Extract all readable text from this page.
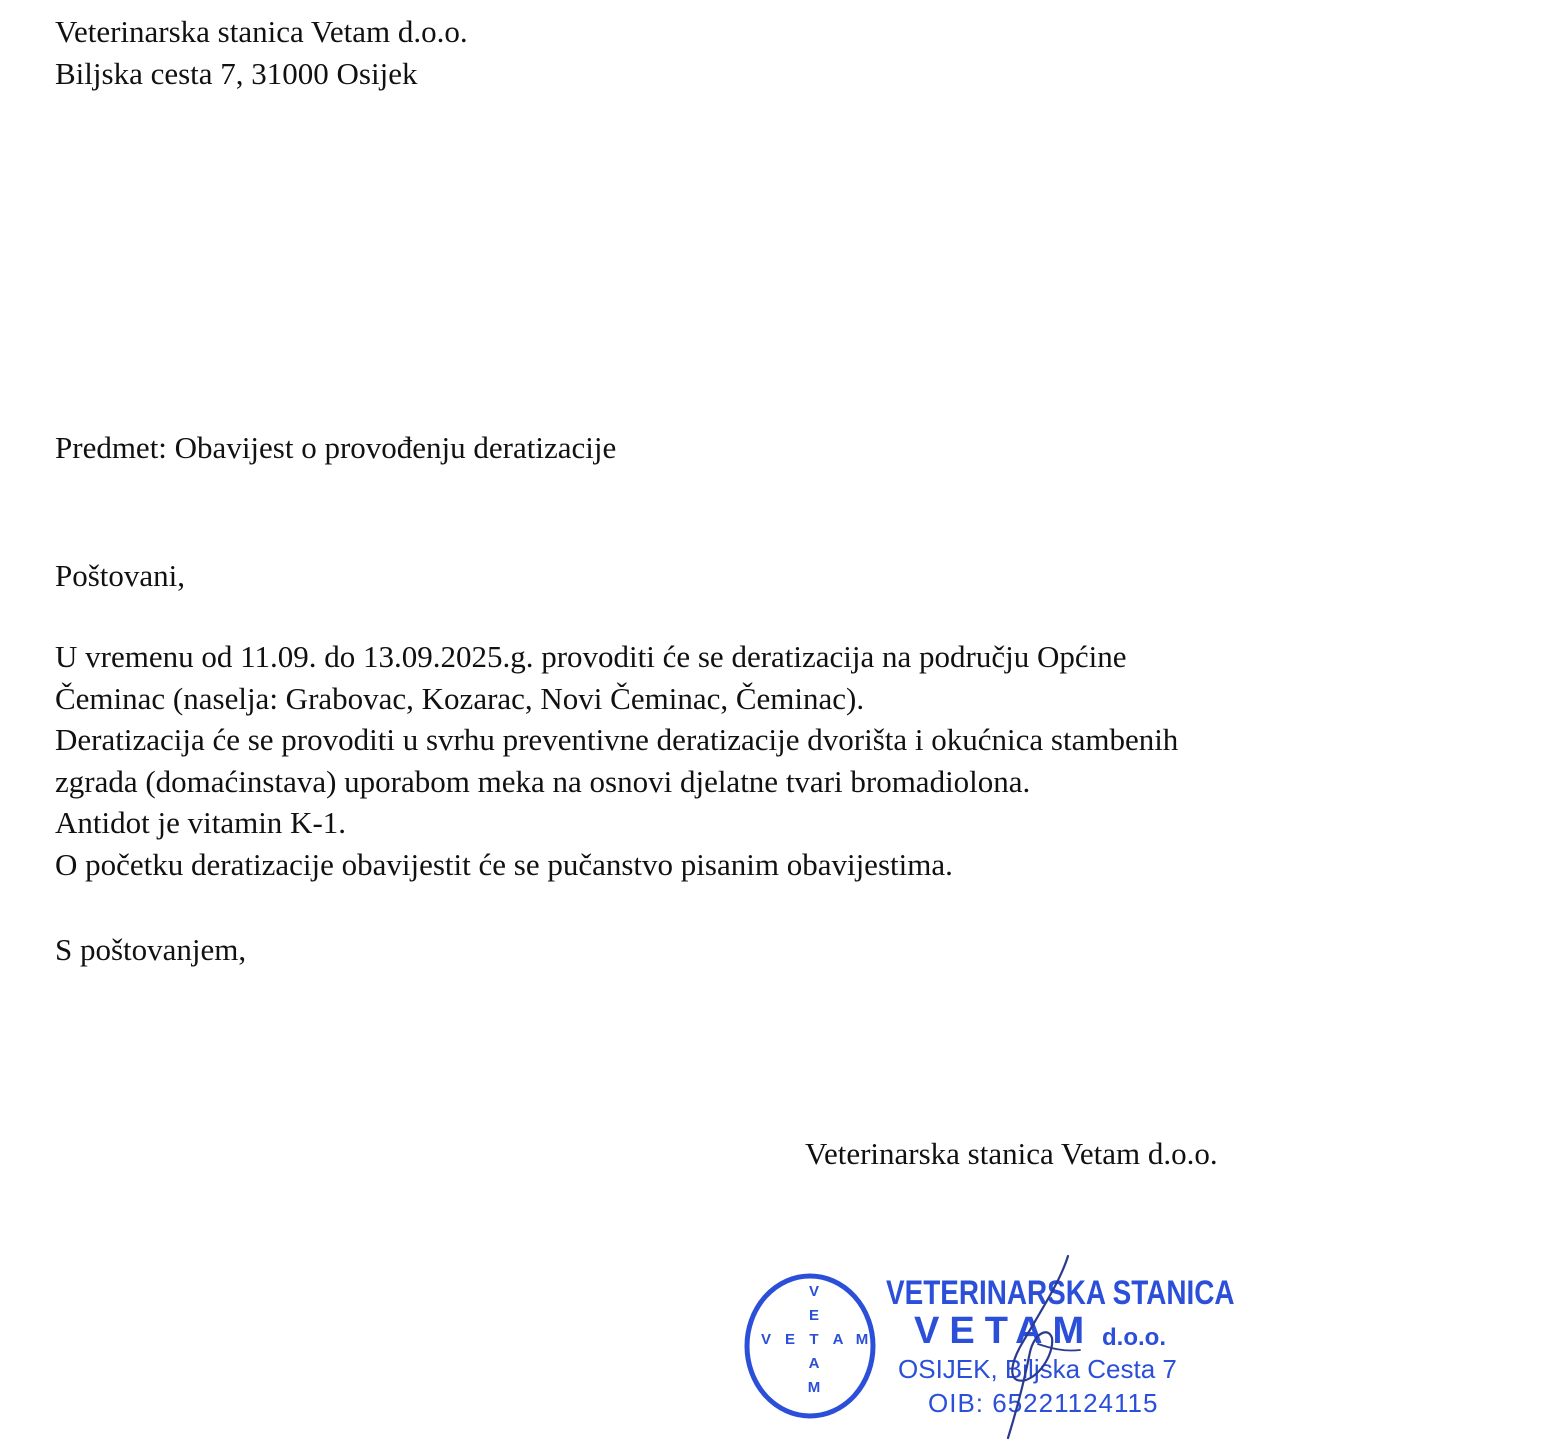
Veterinarska stanica Vetam d.o.o.
Biljska cesta 7, 31000 Osijek
Predmet: Obavijest o provođenju deratizacije
Poštovani,
U vremenu od 11.09. do 13.09.2025.g. provoditi će se deratizacija na području Općine
Čeminac (naselja: Grabovac, Kozarac, Novi Čeminac, Čeminac).
Deratizacija će se provoditi u svrhu preventivne deratizacije dvorišta i okućnica stambenih
zgrada (domaćinstava) uporabom meka na osnovi djelatne tvari bromadiolona.
Antidot je vitamin K-1.
O početku deratizacije obavijestit će se pučanstvo pisanim obavijestima.
S poštovanjem,
Veterinarska stanica Vetam d.o.o.
V
E
A
M
V E T A M
VETERINARSKA STANICA
VETAM d.o.o.
OSIJEK, Biljska Cesta 7
OIB: 65221124115
